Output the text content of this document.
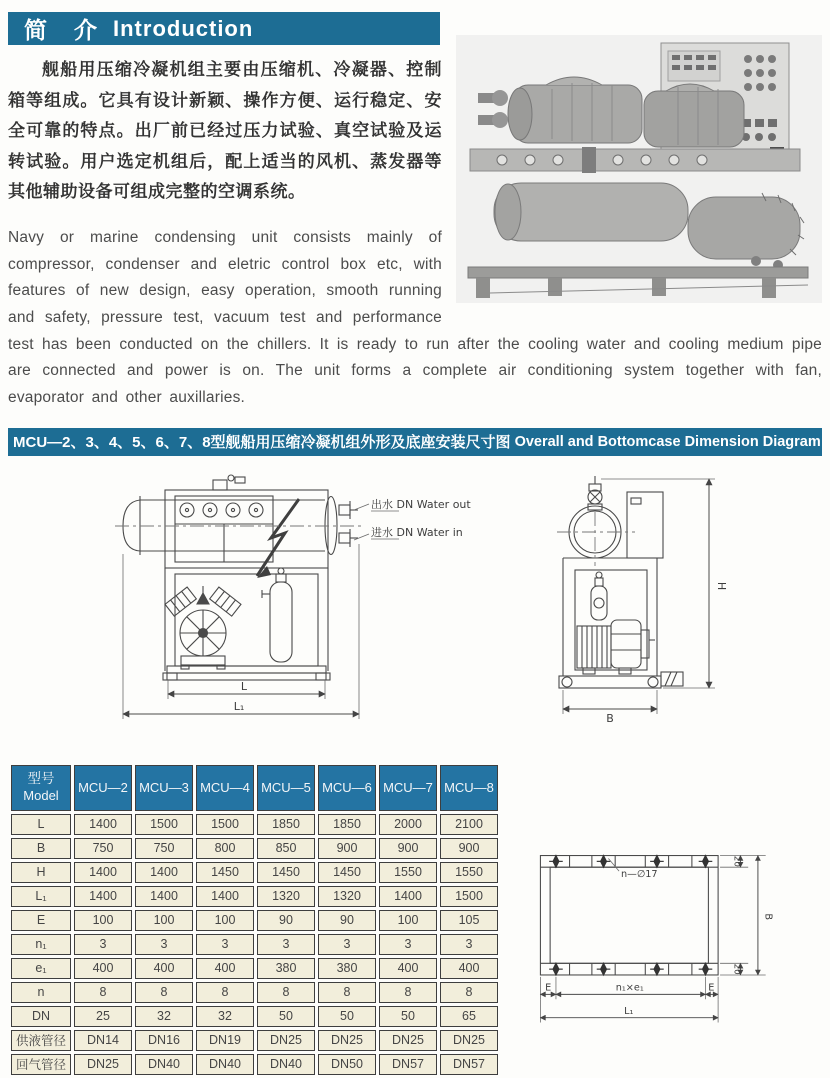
简　介 Introduction

舰船用压缩冷凝机组主要由压缩机、冷凝器、控制箱等组成。它具有设计新颖、操作方便、运行稳定、安全可靠的特点。出厂前已经过压力试验、真空试验及运转试验。用户选定机组后，配上适当的风机、蒸发器等其他辅助设备可组成完整的空调系统。

Navy or marine condensing unit consists mainly of compressor, condenser and eletric control box etc, with features of new design, easy operation, smooth running and safety, pressure test, vacuum test and performance test has been conducted on the chillers. It is ready to run after the cooling water and cooling medium pipe are connected and power is on. The unit forms a complete air conditioning system together with fan, evaporator and other auxillaries.

MCU—2、3、4、5、6、7、8型舰船用压缩冷凝机组外形及底座安装尺寸图 Overall and Bottomcase Dimension Diagram
L
L₁
出水 DN Water out
进水 DN Water in
H
B
型号
Model	MCU—2	MCU—3	MCU—4	MCU—5	MCU—6	MCU—7	MCU—8
L	1400	1500	1500	1850	1850	2000	2100
B	750	750	800	850	900	900	900
H	1400	1400	1450	1450	1450	1550	1550
L₁	1400	1400	1400	1320	1320	1400	1500
E	100	100	100	90	90	100	105
n₁	3	3	3	3	3	3	3
e₁	400	400	400	380	380	400	400
n	8	8	8	8	8	8	8
DN	25	32	32	50	50	50	65
供液管径	DN14	DN16	DN19	DN25	DN25	DN25	DN25
回气管径	DN25	DN40	DN40	DN40	DN50	DN57	DN57
n—∅17
E	n₁×e₁	E
L₁
20
B
20
